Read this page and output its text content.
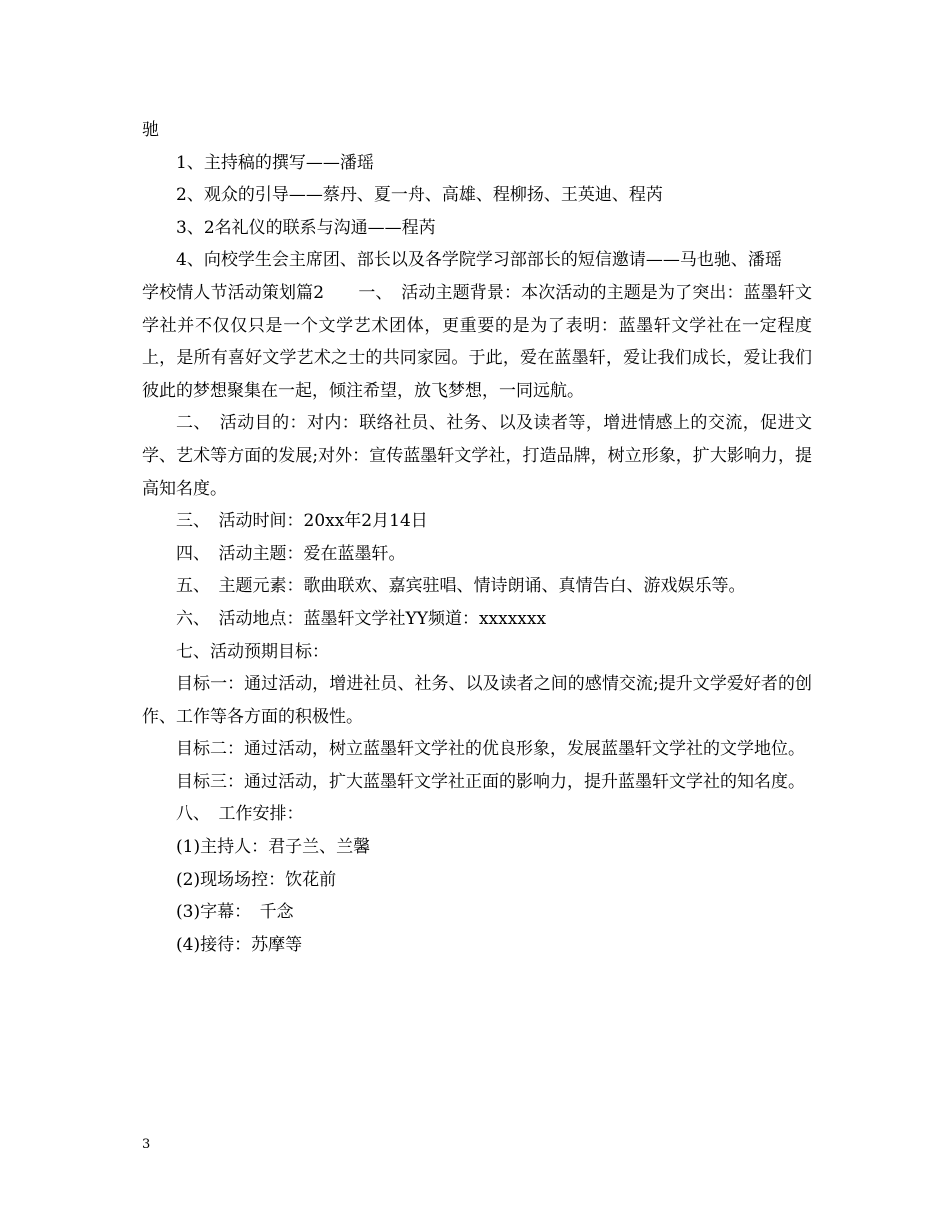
驰

1、主持稿的撰写——潘瑶

2、观众的引导——蔡丹、夏一舟、高雄、程柳扬、王英迪、程芮

3、2名礼仪的联系与沟通——程芮

4、向校学生会主席团、部长以及各学院学习部部长的短信邀请——马也驰、潘瑶

学校情人节活动策划篇2　　一、　活动主题背景：本次活动的主题是为了突出：蓝墨轩文学社并不仅仅只是一个文学艺术团体，更重要的是为了表明：蓝墨轩文学社在一定程度上，是所有喜好文学艺术之士的共同家园。于此，爱在蓝墨轩，爱让我们成长，爱让我们彼此的梦想聚集在一起，倾注希望，放飞梦想，一同远航。

二、　活动目的：对内：联络社员、社务、以及读者等，增进情感上的交流，促进文学、艺术等方面的发展;对外：宣传蓝墨轩文学社，打造品牌，树立形象，扩大影响力，提高知名度。

三、　活动时间：20xx年2月14日

四、　活动主题：爱在蓝墨轩。

五、　主题元素：歌曲联欢、嘉宾驻唱、情诗朗诵、真情告白、游戏娱乐等。

六、　活动地点：蓝墨轩文学社YY频道：xxxxxxx

七、活动预期目标：

目标一：通过活动，增进社员、社务、以及读者之间的感情交流;提升文学爱好者的创作、工作等各方面的积极性。

目标二：通过活动，树立蓝墨轩文学社的优良形象，发展蓝墨轩文学社的文学地位。

目标三：通过活动，扩大蓝墨轩文学社正面的影响力，提升蓝墨轩文学社的知名度。

八、　工作安排：

(1)主持人：君子兰、兰馨

(2)现场场控：饮花前

(3)字幕：　千念

(4)接待：苏摩等

3
